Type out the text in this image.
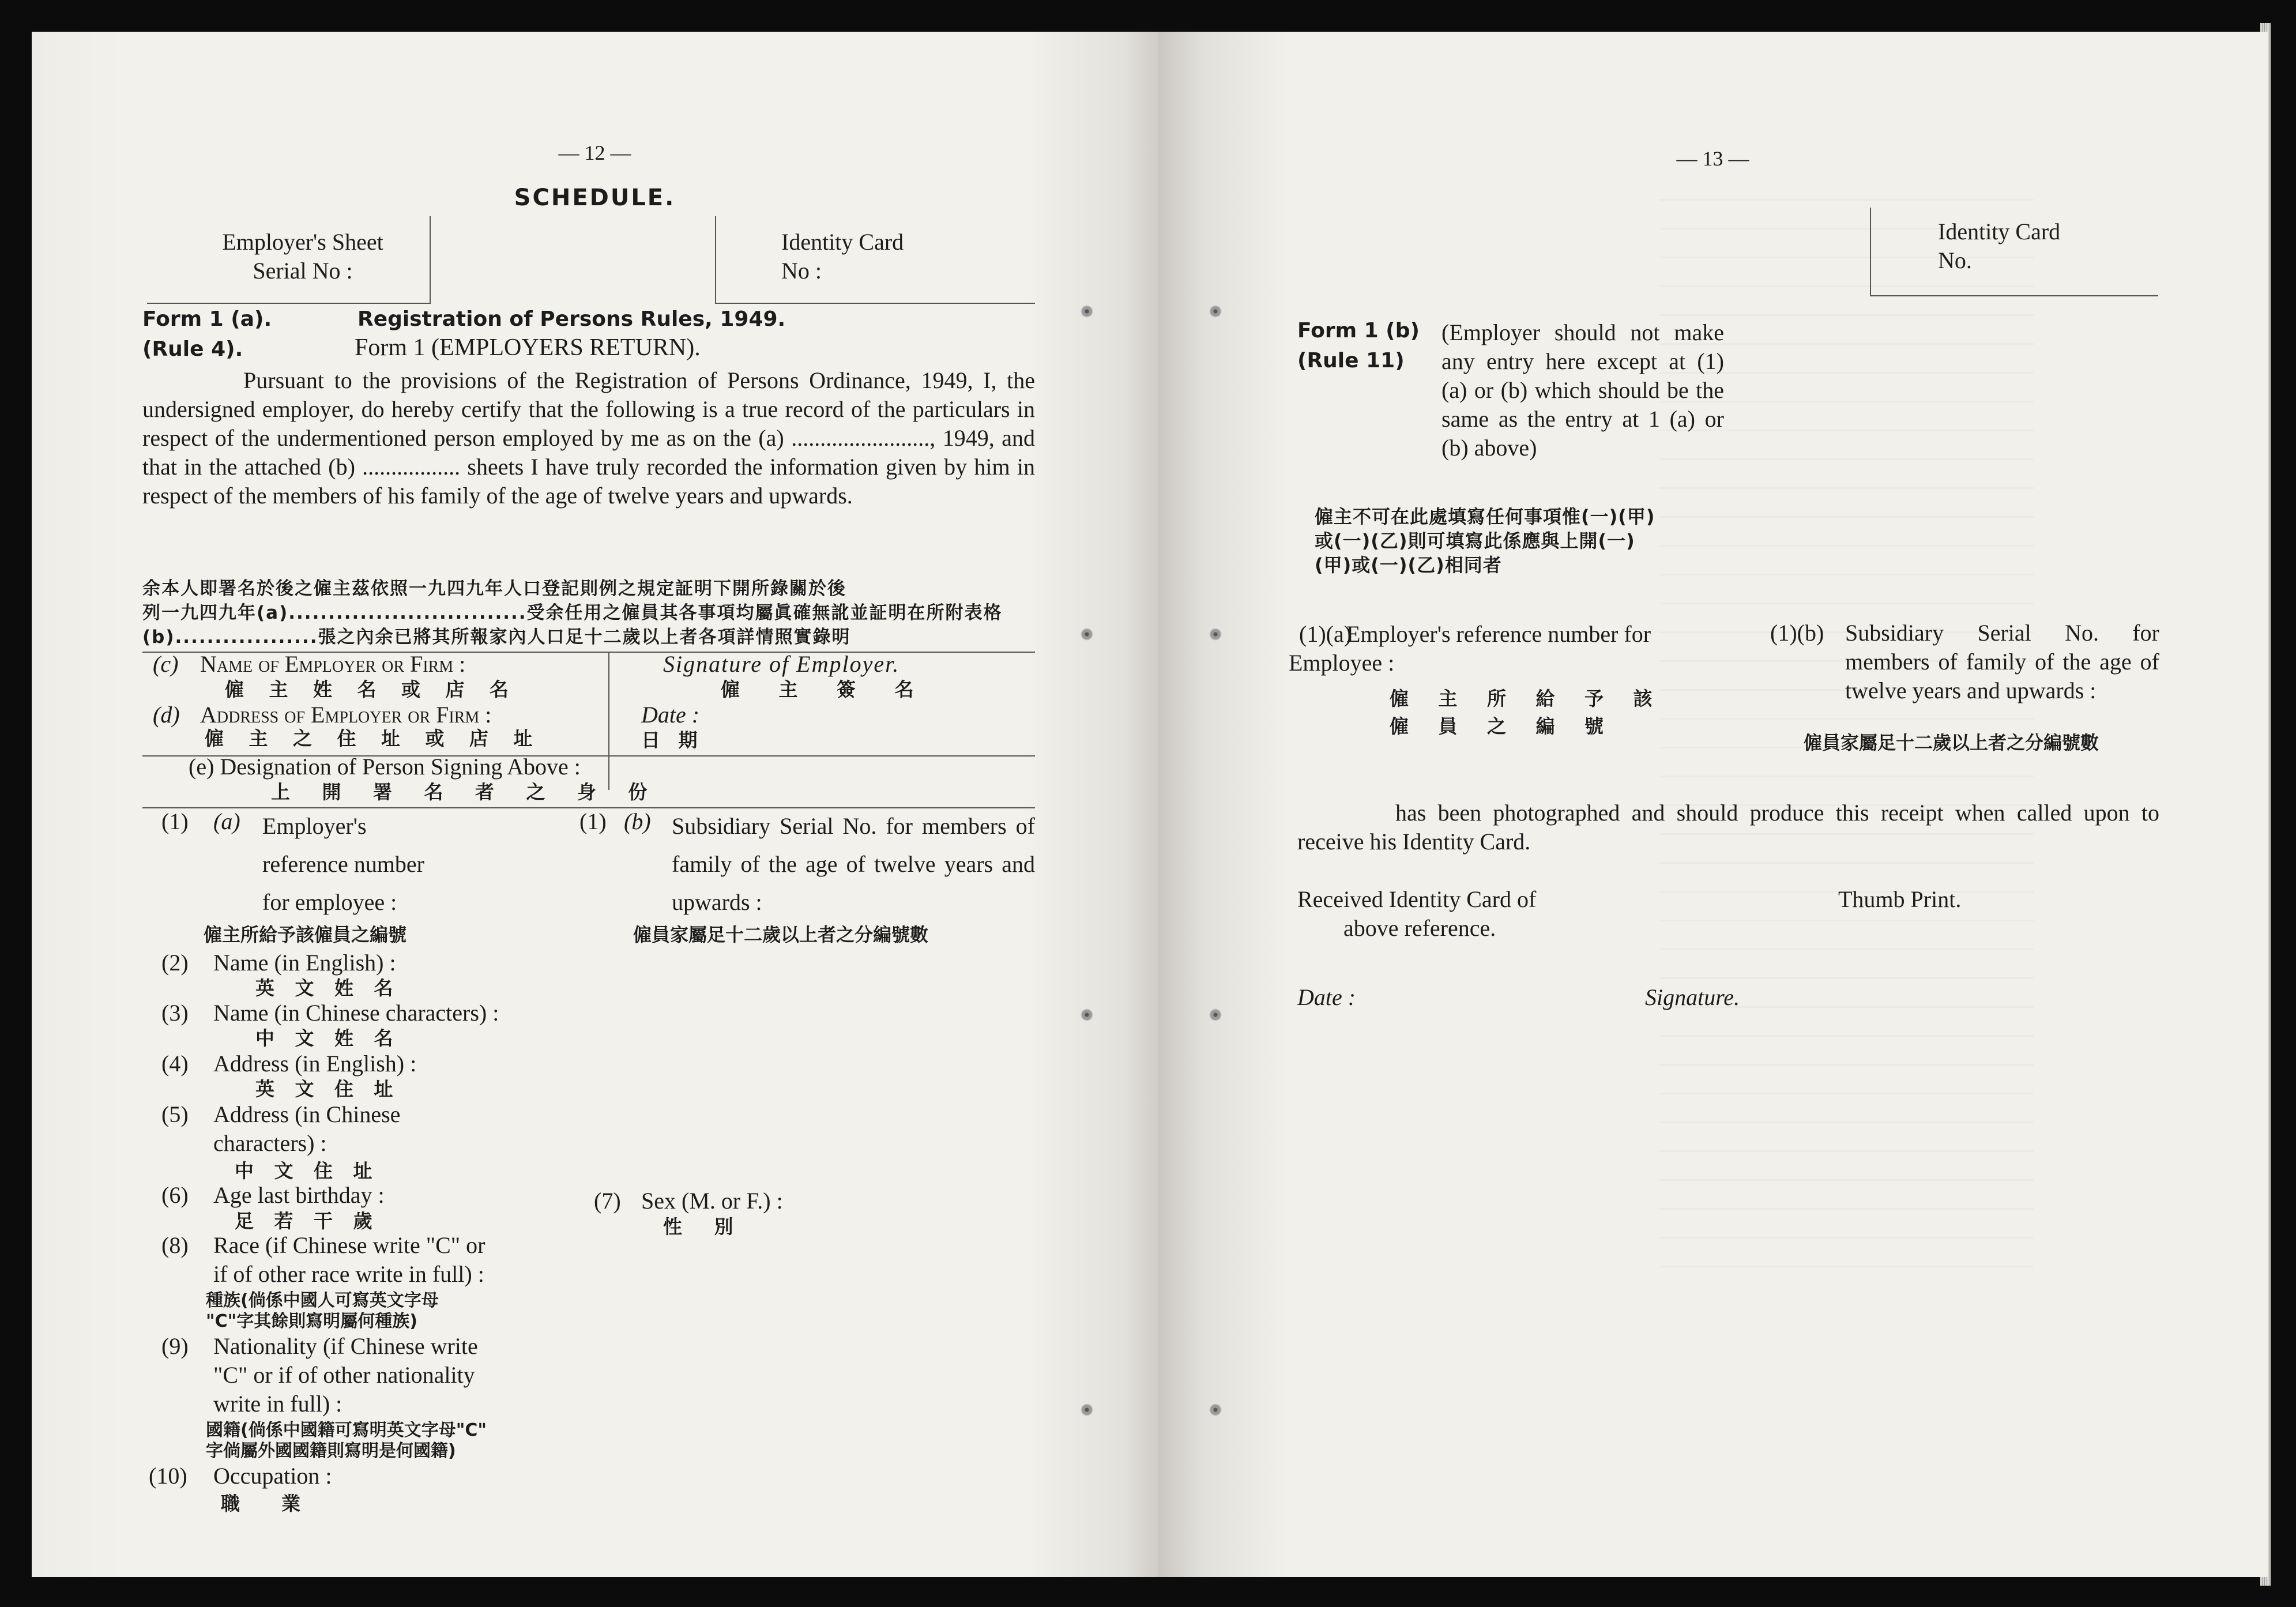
— 12 —
SCHEDULE.
Employer's Sheet
Serial No :
Identity Card
No :
Form 1 (a).	Registration of Persons Rules, 1949.
(Rule 4).	Form 1 (EMPLOYERS RETURN).
Pursuant to the provisions of the Registration of Persons Ordinance, 1949, I, the undersigned employer, do hereby certify that the following is a true record of the particulars in respect of the undermentioned person employed by me as on the (a) ........................, 1949, and that in the attached (b) ................. sheets I have truly recorded the information given by him in respect of the members of his family of the age of twelve years and upwards.
余本人即署名於後之僱主茲依照一九四九年人口登記則例之規定証明下開所錄關於後
列一九四九年(a)..............................受余任用之僱員其各事項均屬眞確無訛並証明在所附表格
(b)..................張之內余已將其所報家內人口足十二歲以上者各項詳情照實錄明
(c) Name of Employer or Firm :
僱 主 姓 名 或 店 名
(d) Address of Employer or Firm :
僱 主 之 住 址 或 店 址
Signature of Employer.
僱 主 簽 名
Date :
日 期
(e) Designation of Person Signing Above :
上 開 署 名 者 之 身 份
(1) (a) Employer's
reference number
for employee :
僱主所給予該僱員之編號
(1) (b) Subsidiary Serial No. for members of family of the age of twelve years and upwards :
僱員家屬足十二歲以上者之分編號數
(2) Name (in English) :
英 文 姓 名
(3) Name (in Chinese characters) :
中 文 姓 名
(4) Address (in English) :
英 文 住 址
(5) Address (in Chinese
characters) :
中 文 住 址
(6) Age last birthday :
足 若 干 歲
(7) Sex (M. or F.) :
性 別
(8) Race (if Chinese write "C" or
if of other race write in full) :
種族(倘係中國人可寫英文字母
"C"字其餘則寫明屬何種族)
(9) Nationality (if Chinese write
"C" or if of other nationality
write in full) :
國籍(倘係中國籍可寫明英文字母"C"
字倘屬外國國籍則寫明是何國籍)
(10) Occupation :
職　　業
— 13 —
Identity Card
No.
Form 1 (b)
(Rule 11)
(Employer should not make any entry here except at (1) (a) or (b) which should be the same as the entry at 1 (a) or (b) above)
僱主不可在此處填寫任何事項惟(一)(甲)
或(一)(乙)則可填寫此係應與上開(一)
(甲)或(一)(乙)相同者
(1)(a)
Employer's reference number for Employee :
僱 主 所 給 予 該
僱 員 之 編 號
(1)(b) Subsidiary Serial No. for members of family of the age of twelve years and upwards :
僱員家屬足十二歲以上者之分編號數
has been photographed and should produce this receipt when called upon to receive his Identity Card.
Received Identity Card of
above reference.
Thumb Print.
Date :	Signature.
